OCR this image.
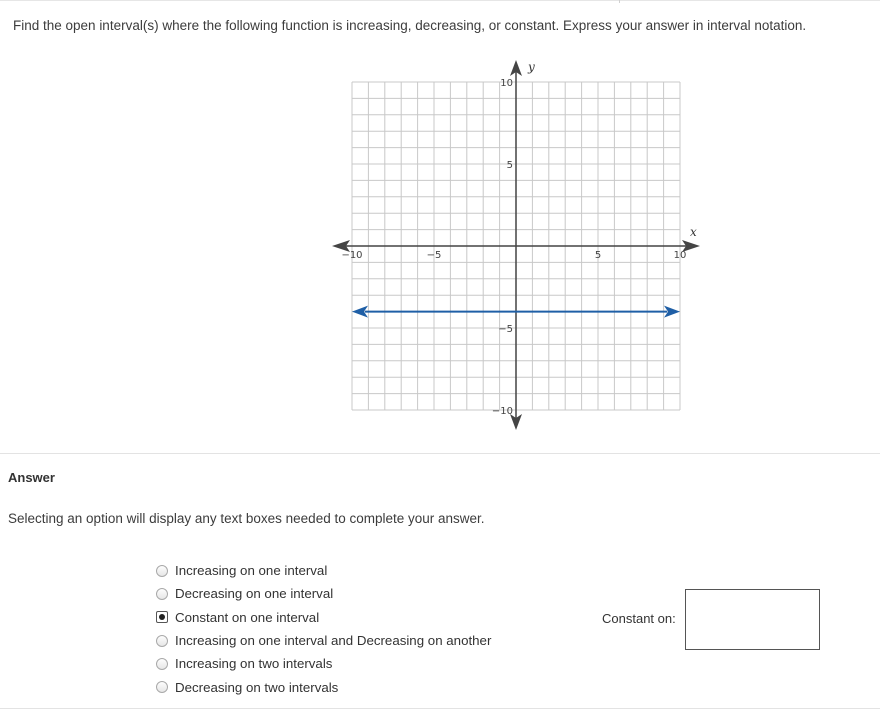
Find the open interval(s) where the following function is increasing, decreasing, or constant. Express your answer in interval notation.
x
y
−10	−5	5	10
10
5
−5
−10
Answer
Selecting an option will display any text boxes needed to complete your answer.
Increasing on one interval
Decreasing on one interval
Constant on one interval
Increasing on one interval and Decreasing on another
Increasing on two intervals
Decreasing on two intervals
Constant on:
